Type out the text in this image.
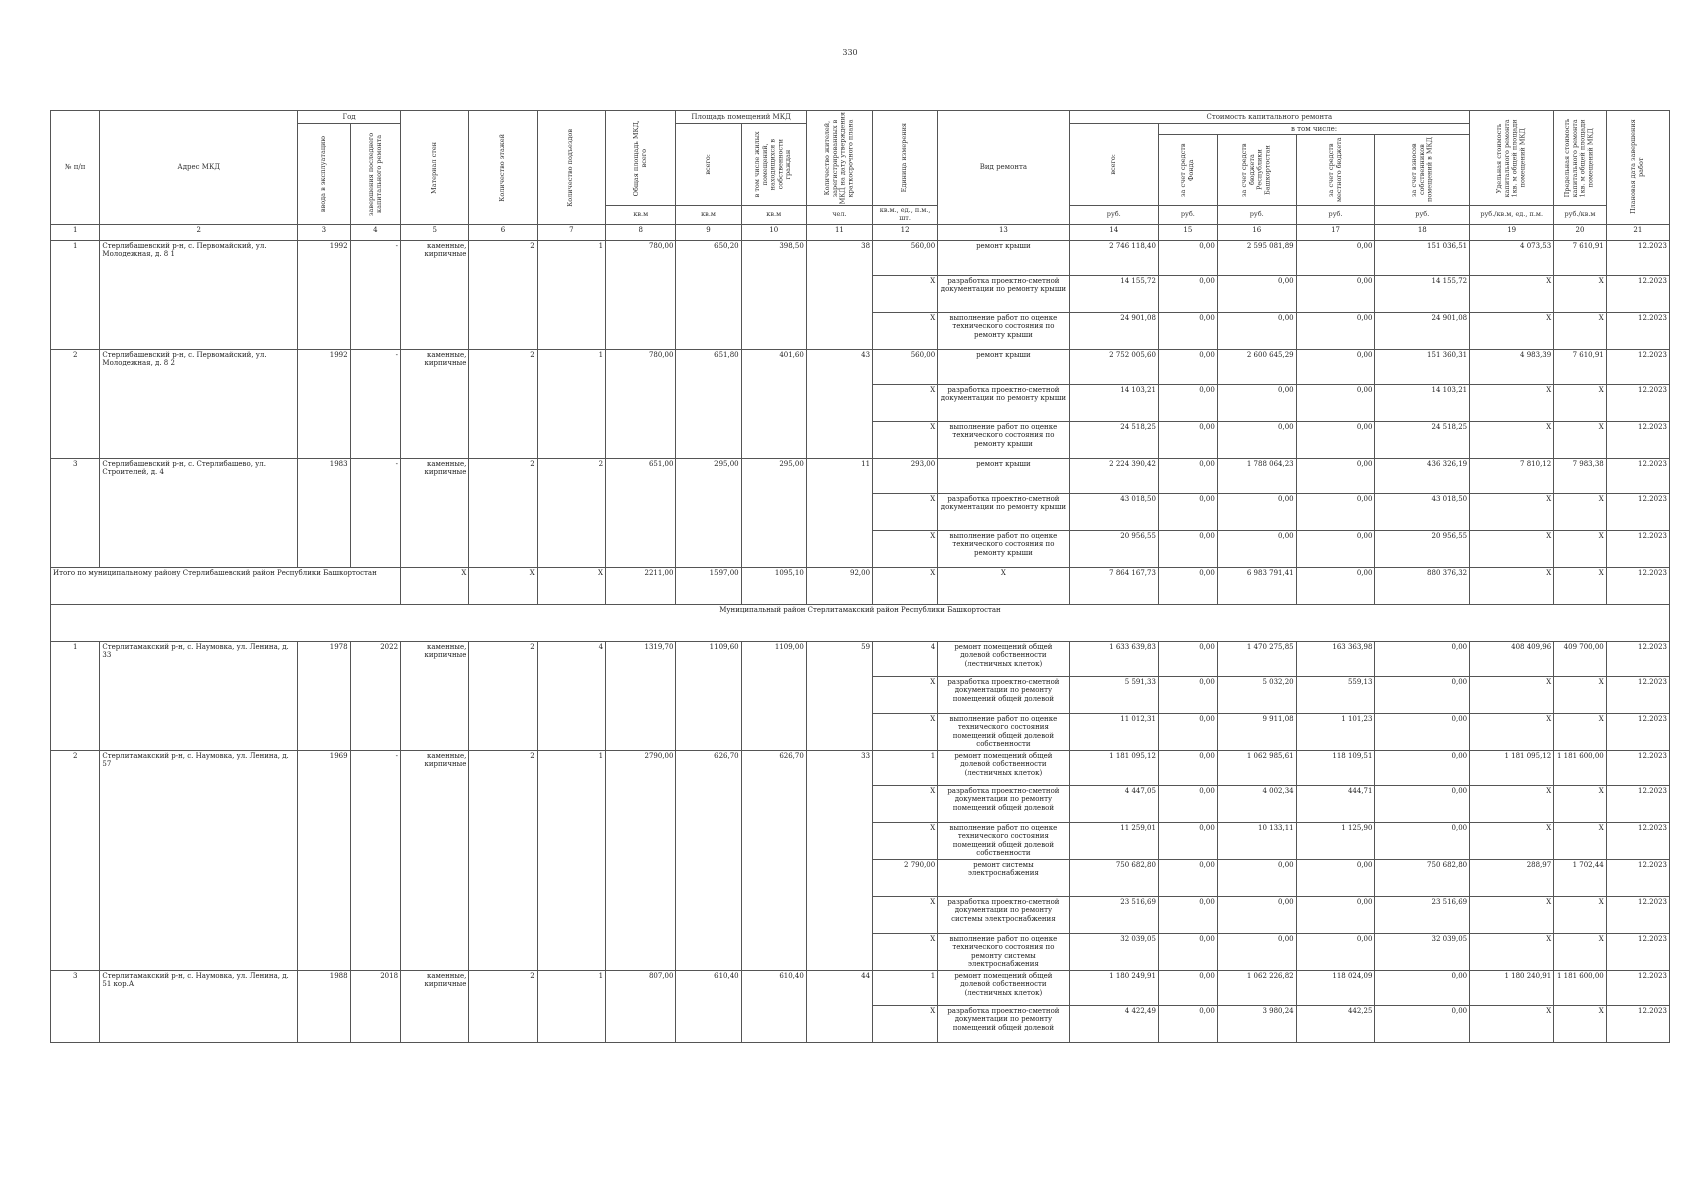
330
№ п/п	Адрес МКД	Год		Материал стен	Количество этажей	Количество подъездов	Общая площадь МКД, всего	Площадь помещений МКД		Количество жителей, зарегистрированных в МКД на дату утверждения краткосрочного плана	Единица измерения	Вид ремонта	Стоимость капитального ремонта					Удельная стоимость капитального ремонта 1кв. м общей площади помещений МКД	Предельная стоимость капитального ремонта 1кв. м общей площади помещений МКД	Плановая дата завершения работ

		ввода в эксплуатацию	завершения последнего капитального ремонта					всего:	в том числе жилых помещений, находящихся в собственности граждан				всего:	в том числе:						

														за счет средств Фонда	за счет средств бюджета Республики Башкортостан	за счет средств местного бюджета	за счет взносов собственников помещений в МКД			

							кв.м	кв.м	кв.м	чел.	кв.м., ед., п.м., шт.		руб.	руб.	руб.	руб.	руб.	руб./кв.м, ед., п.м.	руб./кв.м	
1	2	3	4	5	6	7	8	9	10	11	12	13	14	15	16	17	18	19	20	21
1	Стерлибашевский р-н, с. Первомайский, ул. Молодежная, д. 8 1	1992	-	каменные, кирпичные	2	1	780,00	650,20	398,50	38	560,00	ремонт крыши	2 746 118,40	0,00	2 595 081,89	0,00	151 036,51	4 073,53	7 610,91	12.2023
											X	разработка проектно-сметной документации по ремонту крыши	14 155,72	0,00	0,00	0,00	14 155,72	X	X	12.2023
											X	выполнение работ по оценке технического состояния по ремонту крыши	24 901,08	0,00	0,00	0,00	24 901,08	X	X	12.2023
2	Стерлибашевский р-н, с. Первомайский, ул. Молодежная, д. 8 2	1992	-	каменные, кирпичные	2	1	780,00	651,80	401,60	43	560,00	ремонт крыши	2 752 005,60	0,00	2 600 645,29	0,00	151 360,31	4 983,39	7 610,91	12.2023
											X	разработка проектно-сметной документации по ремонту крыши	14 103,21	0,00	0,00	0,00	14 103,21	X	X	12.2023
											X	выполнение работ по оценке технического состояния по ремонту крыши	24 518,25	0,00	0,00	0,00	24 518,25	X	X	12.2023
3	Стерлибашевский р-н, с. Стерлибашево, ул. Строителей, д. 4	1983	-	каменные, кирпичные	2	2	651,00	295,00	295,00	11	293,00	ремонт крыши	2 224 390,42	0,00	1 788 064,23	0,00	436 326,19	7 810,12	7 983,38	12.2023
											X	разработка проектно-сметной документации по ремонту крыши	43 018,50	0,00	0,00	0,00	43 018,50	X	X	12.2023
											X	выполнение работ по оценке технического состояния по ремонту крыши	20 956,55	0,00	0,00	0,00	20 956,55	X	X	12.2023
Итого по муниципальному району Стерлибашевский район Республики Башкортостан				X	X	X	2211,00	1597,00	1095,10	92,00	X	X	7 864 167,73	0,00	6 983 791,41	0,00	880 376,32	X	X	12.2023
Муниципальный район Стерлитамакский район Республики Башкортостан																				
1	Стерлитамакский р-н, с. Наумовка, ул. Ленина, д. 33	1978	2022	каменные, кирпичные	2	4	1319,70	1109,60	1109,00	59	4	ремонт помещений общей долевой собственности (лестничных клеток)	1 633 639,83	0,00	1 470 275,85	163 363,98	0,00	408 409,96	409 700,00	12.2023
											X	разработка проектно-сметной документации по ремонту помещений общей долевой	5 591,33	0,00	5 032,20	559,13	0,00	X	X	12.2023
											X	выполнение работ по оценке технического состояния помещений общей долевой собственности	11 012,31	0,00	9 911,08	1 101,23	0,00	X	X	12.2023
2	Стерлитамакский р-н, с. Наумовка, ул. Ленина, д. 57	1969	-	каменные, кирпичные	2	1	2790,00	626,70	626,70	33	1	ремонт помещений общей долевой собственности (лестничных клеток)	1 181 095,12	0,00	1 062 985,61	118 109,51	0,00	1 181 095,12	1 181 600,00	12.2023
											X	разработка проектно-сметной документации по ремонту помещений общей долевой	4 447,05	0,00	4 002,34	444,71	0,00	X	X	12.2023
											X	выполнение работ по оценке технического состояния помещений общей долевой собственности	11 259,01	0,00	10 133,11	1 125,90	0,00	X	X	12.2023
											2 790,00	ремонт системы электроснабжения	750 682,80	0,00	0,00	0,00	750 682,80	288,97	1 702,44	12.2023
											X	разработка проектно-сметной документации по ремонту системы электроснабжения	23 516,69	0,00	0,00	0,00	23 516,69	X	X	12.2023
											X	выполнение работ по оценке технического состояния по ремонту системы электроснабжения	32 039,05	0,00	0,00	0,00	32 039,05	X	X	12.2023
3	Стерлитамакский р-н, с. Наумовка, ул. Ленина, д. 51 кор.А	1988	2018	каменные, кирпичные	2	1	807,00	610,40	610,40	44	1	ремонт помещений общей долевой собственности (лестничных клеток)	1 180 249,91	0,00	1 062 226,82	118 024,09	0,00	1 180 240,91	1 181 600,00	12.2023
											X	разработка проектно-сметной документации по ремонту помещений общей долевой	4 422,49	0,00	3 980,24	442,25	0,00	X	X	12.2023
